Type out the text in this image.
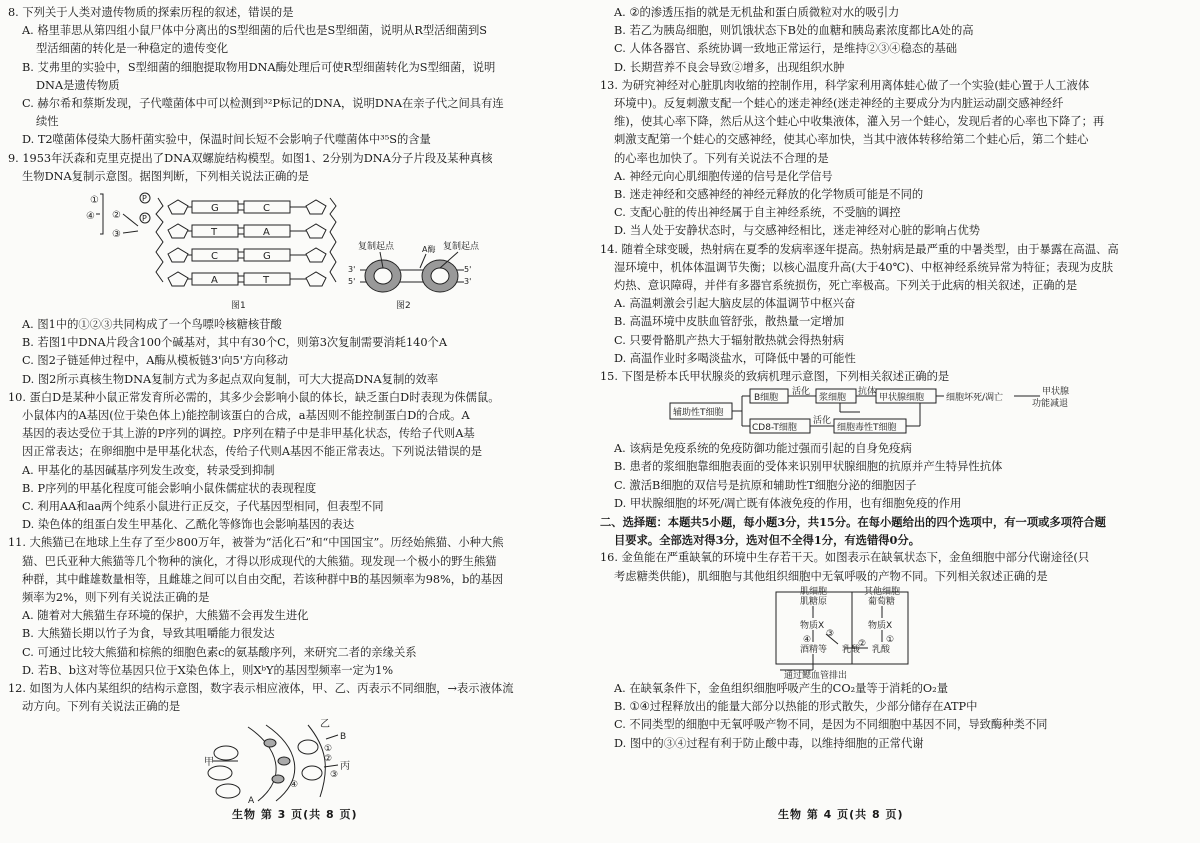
8. 下列关于人类对遗传物质的探索历程的叙述，错误的是
A. 格里菲思从第四组小鼠尸体中分离出的S型细菌的后代也是S型细菌，说明从R型活细菌到S
型活细菌的转化是一种稳定的遗传变化
B. 艾弗里的实验中，S型细菌的细胞提取物用DNA酶处理后可使R型细菌转化为S型细菌，说明
DNA是遗传物质
C. 赫尔希和蔡斯发现，子代噬菌体中可以检测到³²P标记的DNA，说明DNA在亲子代之间具有连
续性
D. T2噬菌体侵染大肠杆菌实验中，保温时间长短不会影响子代噬菌体中³⁵S的含量
9. 1953年沃森和克里克提出了DNA双螺旋结构模型。如图1、2分别为DNA分子片段及某种真核
生物DNA复制示意图。据图判断，下列相关说法正确的是
①
②
③
④
P
P
G
T
C
A
C
A
G
T
图1
复制起点	复制起点
A酶
3'
5'
5'
3'
图2
A. 图1中的①②③共同构成了一个鸟嘌呤核糖核苷酸
B. 若图1中DNA片段含100个碱基对，其中有30个C，则第3次复制需要消耗140个A
C. 图2子链延伸过程中，A酶从模板链3'向5'方向移动
D. 图2所示真核生物DNA复制方式为多起点双向复制，可大大提高DNA复制的效率
10. 蛋白D是某种小鼠正常发育所必需的，其多少会影响小鼠的体长，缺乏蛋白D时表现为侏儒鼠。
小鼠体内的A基因(位于染色体上)能控制该蛋白的合成，a基因则不能控制蛋白D的合成。A
基因的表达受位于其上游的P序列的调控。P序列在精子中是非甲基化状态，传给子代则A基
因正常表达；在卵细胞中是甲基化状态，传给子代则A基因不能正常表达。下列说法错误的是
A. 甲基化的基因碱基序列发生改变，转录受到抑制
B. P序列的甲基化程度可能会影响小鼠侏儒症状的表现程度
C. 利用AA和aa两个纯系小鼠进行正反交，子代基因型相同，但表型不同
D. 染色体的组蛋白发生甲基化、乙酰化等修饰也会影响基因的表达
11. 大熊猫已在地球上生存了至少800万年，被誉为“活化石”和“中国国宝”。历经始熊猫、小种大熊
猫、巴氏亚种大熊猫等几个物种的演化，才得以形成现代的大熊猫。现发现一个极小的野生熊猫
种群，其中雌雄数量相等，且雌雄之间可以自由交配，若该种群中B的基因频率为98%，b的基因
频率为2%，则下列有关说法正确的是
A. 随着对大熊猫生存环境的保护，大熊猫不会再发生进化
B. 大熊猫长期以竹子为食，导致其咀嚼能力很发达
C. 可通过比较大熊猫和棕熊的细胞色素c的氨基酸序列，来研究二者的亲缘关系
D. 若B、b这对等位基因只位于X染色体上，则XᵇY的基因型频率一定为1%
12. 如图为人体内某组织的结构示意图，数字表示相应液体，甲、乙、丙表示不同细胞，→表示液体流
动方向。下列有关说法正确的是
甲
乙
丙
B
A
①
②
③
④
生物 第 3 页(共 8 页)
A. ②的渗透压指的就是无机盐和蛋白质微粒对水的吸引力
B. 若乙为胰岛细胞，则饥饿状态下B处的血糖和胰岛素浓度都比A处的高
C. 人体各器官、系统协调一致地正常运行，是维持②③④稳态的基础
D. 长期营养不良会导致②增多，出现组织水肿
13. 为研究神经对心脏肌肉收缩的控制作用，科学家利用离体蛙心做了一个实验(蛙心置于人工液体
环境中)。反复刺激支配一个蛙心的迷走神经(迷走神经的主要成分为内脏运动副交感神经纤
维)，使其心率下降，然后从这个蛙心中收集液体，灌入另一个蛙心，发现后者的心率也下降了；再
刺激支配第一个蛙心的交感神经，使其心率加快，当其中液体转移给第二个蛙心后，第二个蛙心
的心率也加快了。下列有关说法不合理的是
A. 神经元向心肌细胞传递的信号是化学信号
B. 迷走神经和交感神经的神经元释放的化学物质可能是不同的
C. 支配心脏的传出神经属于自主神经系统，不受脑的调控
D. 当人处于安静状态时，与交感神经相比，迷走神经对心脏的影响占优势
14. 随着全球变暖，热射病在夏季的发病率逐年提高。热射病是最严重的中暑类型，由于暴露在高温、高
湿环境中，机体体温调节失衡；以核心温度升高(大于40℃)、中枢神经系统异常为特征；表现为皮肤
灼热、意识障碍，并伴有多器官系统损伤，死亡率极高。下列关于此病的相关叙述，正确的是
A. 高温刺激会引起大脑皮层的体温调节中枢兴奋
B. 高温环境中皮肤血管舒张，散热量一定增加
C. 只要骨骼肌产热大于辐射散热就会得热射病
D. 高温作业时多喝淡盐水，可降低中暑的可能性
15. 下图是桥本氏甲状腺炎的致病机理示意图，下列相关叙述正确的是
辅助性T细胞
B细胞
活化
浆细胞
抗体
甲状腺细胞 细胞坏死/凋亡
甲状腺
功能减退
CD8-T细胞
活化
细胞毒性T细胞
A. 该病是免疫系统的免疫防御功能过强而引起的自身免疫病
B. 患者的浆细胞靠细胞表面的受体来识别甲状腺细胞的抗原并产生特异性抗体
C. 激活B细胞的双信号是抗原和辅助性T细胞分泌的细胞因子
D. 甲状腺细胞的坏死/凋亡既有体液免疫的作用，也有细胞免疫的作用
二、选择题：本题共5小题，每小题3分，共15分。在每小题给出的四个选项中，有一项或多项符合题
目要求。全部选对得3分，选对但不全得1分，有选错得0分。
16. 金鱼能在严重缺氧的环境中生存若干天。如图表示在缺氧状态下，金鱼细胞中部分代谢途径(只
考虑糖类供能)，肌细胞与其他组织细胞中无氧呼吸的产物不同。下列相关叙述正确的是
肌细胞	其他细胞
肌糖原	葡萄糖
物质X	物质X
酒精等 乳酸 乳酸
③
④	② ①
通过鳃血管排出
A. 在缺氧条件下，金鱼组织细胞呼吸产生的CO₂量等于消耗的O₂量
B. ①④过程释放出的能量大部分以热能的形式散失，少部分储存在ATP中
C. 不同类型的细胞中无氧呼吸产物不同，是因为不同细胞中基因不同，导致酶种类不同
D. 图中的③④过程有利于防止酸中毒，以维持细胞的正常代谢
生物 第 4 页(共 8 页)
